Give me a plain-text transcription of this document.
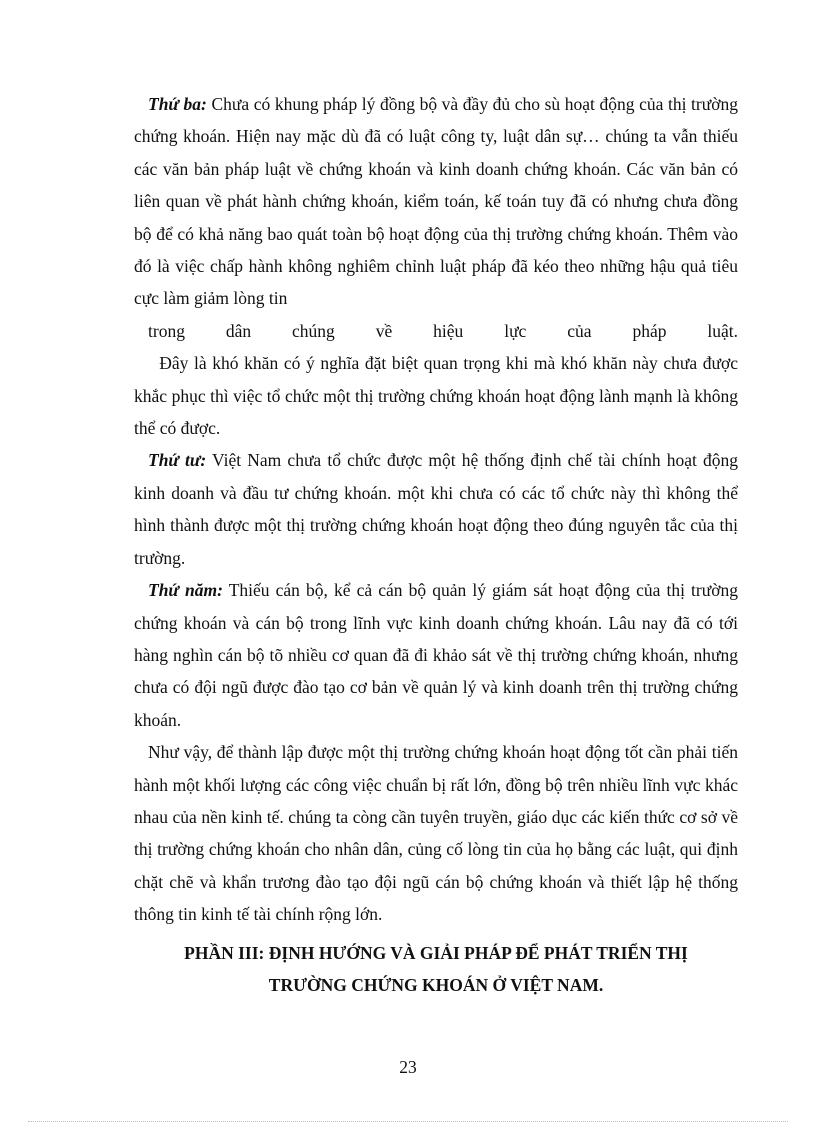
Thứ ba: Chưa có khung pháp lý đồng bộ và đầy đủ cho sù hoạt động của thị trường chứng khoán. Hiện nay mặc dù đã có luật công ty, luật dân sự… chúng ta vẫn thiếu các văn bản pháp luật về chứng khoán và kinh doanh chứng khoán. Các văn bản có liên quan về phát hành chứng khoán, kiểm toán, kế toán tuy đã có nhưng chưa đồng bộ để có khả năng bao quát toàn bộ hoạt động của thị trường chứng khoán. Thêm vào đó là việc chấp hành không nghiêm chỉnh luật pháp đã kéo theo những hậu quả tiêu cực làm giảm lòng tin
trong dân chúng về hiệu lực của pháp luật.
Đây là khó khăn có ý nghĩa đặt biệt quan trọng khi mà khó khăn này chưa được khắc phục thì việc tổ chức một thị trường chứng khoán hoạt động lành mạnh là không thể có được.

Thứ tư: Việt Nam chưa tổ chức được một hệ thống định chế tài chính hoạt động kinh doanh và đầu tư chứng khoán. một khi chưa có các tổ chức này thì không thể hình thành được một thị trường chứng khoán hoạt động theo đúng nguyên tắc của thị trường.

Thứ năm: Thiếu cán bộ, kể cả cán bộ quản lý giám sát hoạt động của thị trường chứng khoán và cán bộ trong lĩnh vực kinh doanh chứng khoán. Lâu nay đã có tới hàng nghìn cán bộ tõ nhiều cơ quan đã đi khảo sát về thị trường chứng khoán, nhưng chưa có đội ngũ được đào tạo cơ bản về quản lý và kinh doanh trên thị trường chứng khoán.

Như vậy, để thành lập được một thị trường chứng khoán hoạt động tốt cần phải tiến hành một khối lượng các công việc chuẩn bị rất lớn, đồng bộ trên nhiều lĩnh vực khác nhau của nền kinh tế. chúng ta còng cần tuyên truyền, giáo dục các kiến thức cơ sở về thị trường chứng khoán cho nhân dân, củng cố lòng tin của họ bằng các luật, qui định chặt chẽ và khẩn trương đào tạo đội ngũ cán bộ chứng khoán và thiết lập hệ thống thông tin kinh tế tài chính rộng lớn.

PHẦN III: ĐỊNH HƯỚNG VÀ GIẢI PHÁP ĐỂ PHÁT TRIỂN THỊ
TRƯỜNG CHỨNG KHOÁN Ở VIỆT NAM.
23
